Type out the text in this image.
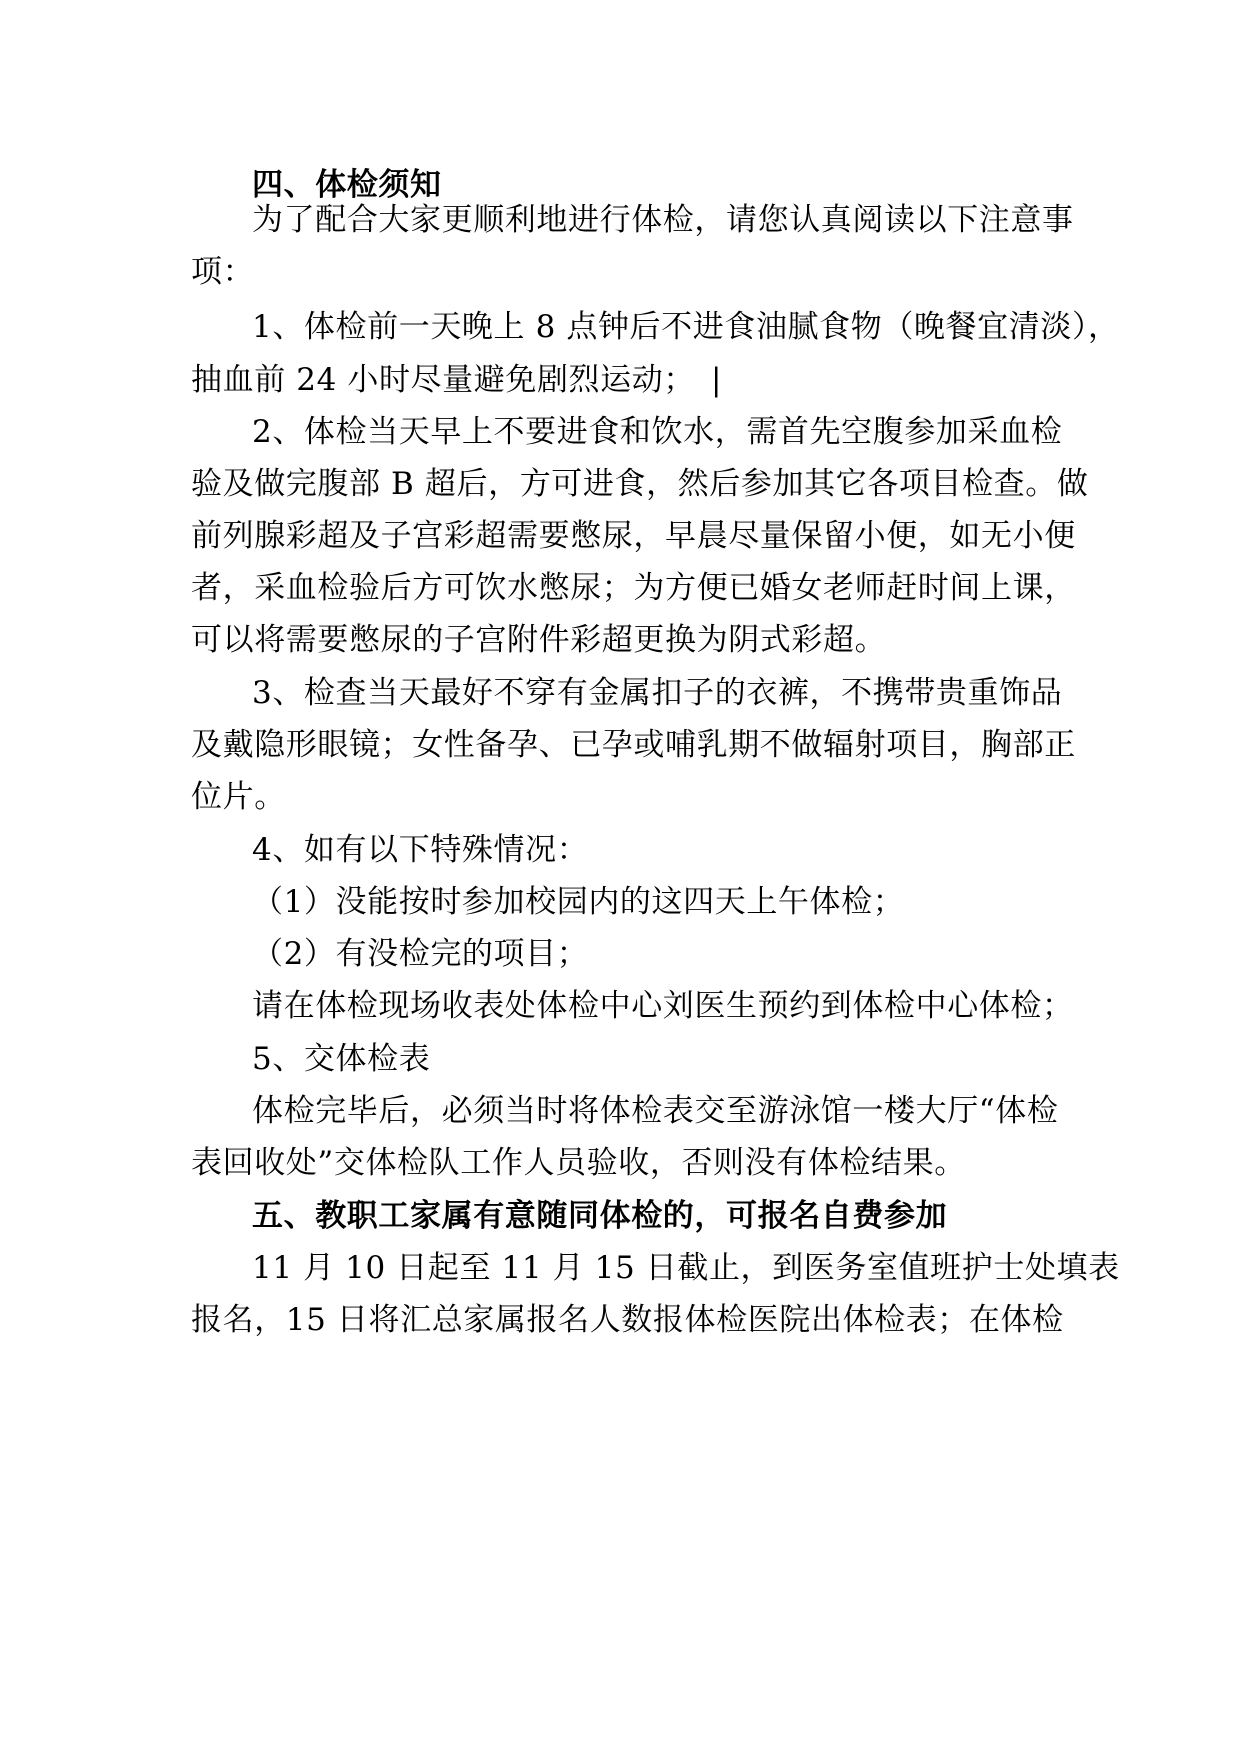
四、体检须知
为了配合大家更顺利地进行体检，请您认真阅读以下注意事
项：
1、体检前一天晚上 8 点钟后不进食油腻食物（晚餐宜清淡），
抽血前 24 小时尽量避免剧烈运动；　|
2、体检当天早上不要进食和饮水，需首先空腹参加采血检
验及做完腹部 B 超后，方可进食，然后参加其它各项目检查。做
前列腺彩超及子宫彩超需要憋尿，早晨尽量保留小便，如无小便
者，采血检验后方可饮水憋尿；为方便已婚女老师赶时间上课，
可以将需要憋尿的子宫附件彩超更换为阴式彩超。
3、检查当天最好不穿有金属扣子的衣裤，不携带贵重饰品
及戴隐形眼镜；女性备孕、已孕或哺乳期不做辐射项目，胸部正
位片。
4、如有以下特殊情况：
（1）没能按时参加校园内的这四天上午体检；
（2）有没检完的项目；
请在体检现场收表处体检中心刘医生预约到体检中心体检；
5、交体检表
体检完毕后，必须当时将体检表交至游泳馆一楼大厅“体检
表回收处”交体检队工作人员验收，否则没有体检结果。
五、教职工家属有意随同体检的，可报名自费参加
11 月 10 日起至 11 月 15 日截止，到医务室值班护士处填表
报名，15 日将汇总家属报名人数报体检医院出体检表；在体检
